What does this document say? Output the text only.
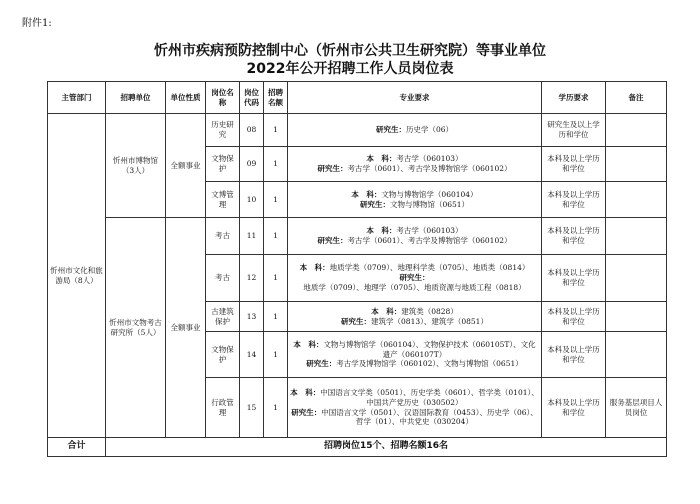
附件1:
忻州市疾病预防控制中心（忻州市公共卫生研究院）等事业单位
2022年公开招聘工作人员岗位表
主管部门	招聘单位	单位性质	岗位名称	岗位代码	招聘名额	专业要求	学历要求	备注
忻州市文化和旅游局（8人）	忻州市博物馆（3人）	全额事业	历史研究	08	1	研究生：历史学（06）	研究生及以上学历和学位	
			文物保护	09	1	本　科：考古学（060103）
研究生：考古学（0601）、考古学及博物馆学（060102）	本科及以上学历和学位	
			文博管理	10	1	本　科：文物与博物馆学（060104）
研究生：文物与博物馆（0651）	本科及以上学历和学位	
	忻州市文物考古研究所（5人）	全额事业	考古	11	1	本　科：考古学（060103）
研究生：考古学（0601）、考古学及博物馆学（060102）	本科及以上学历和学位	
			考古	12	1	本　科：地质学类（0709）、地理科学类（0705）、地质类（0814）
研究生：地质学（0709）、地理学（0705）、地质资源与地质工程（0818）	本科及以上学历和学位	
			古建筑保护	13	1	本　科：建筑类（0828）
研究生：建筑学（0813）、建筑学（0851）	本科及以上学历和学位	
			文物保护	14	1	本　科：文物与博物馆学（060104）、文物保护技术（060105T）、文化遗产（060107T）
研究生：考古学及博物馆学（060102）、文物与博物馆（0651）	本科及以上学历和学位	
			行政管理	15	1	本　科：中国语言文学类（0501）、历史学类（0601）、哲学类（0101）、中国共产党历史（030502）
研究生：中国语言文学（0501）、汉语国际教育（0453）、历史学（06）、哲学（01）、中共党史（030204）	本科及以上学历和学位	服务基层项目人员岗位
合计	招聘岗位15个、招聘名额16名							
